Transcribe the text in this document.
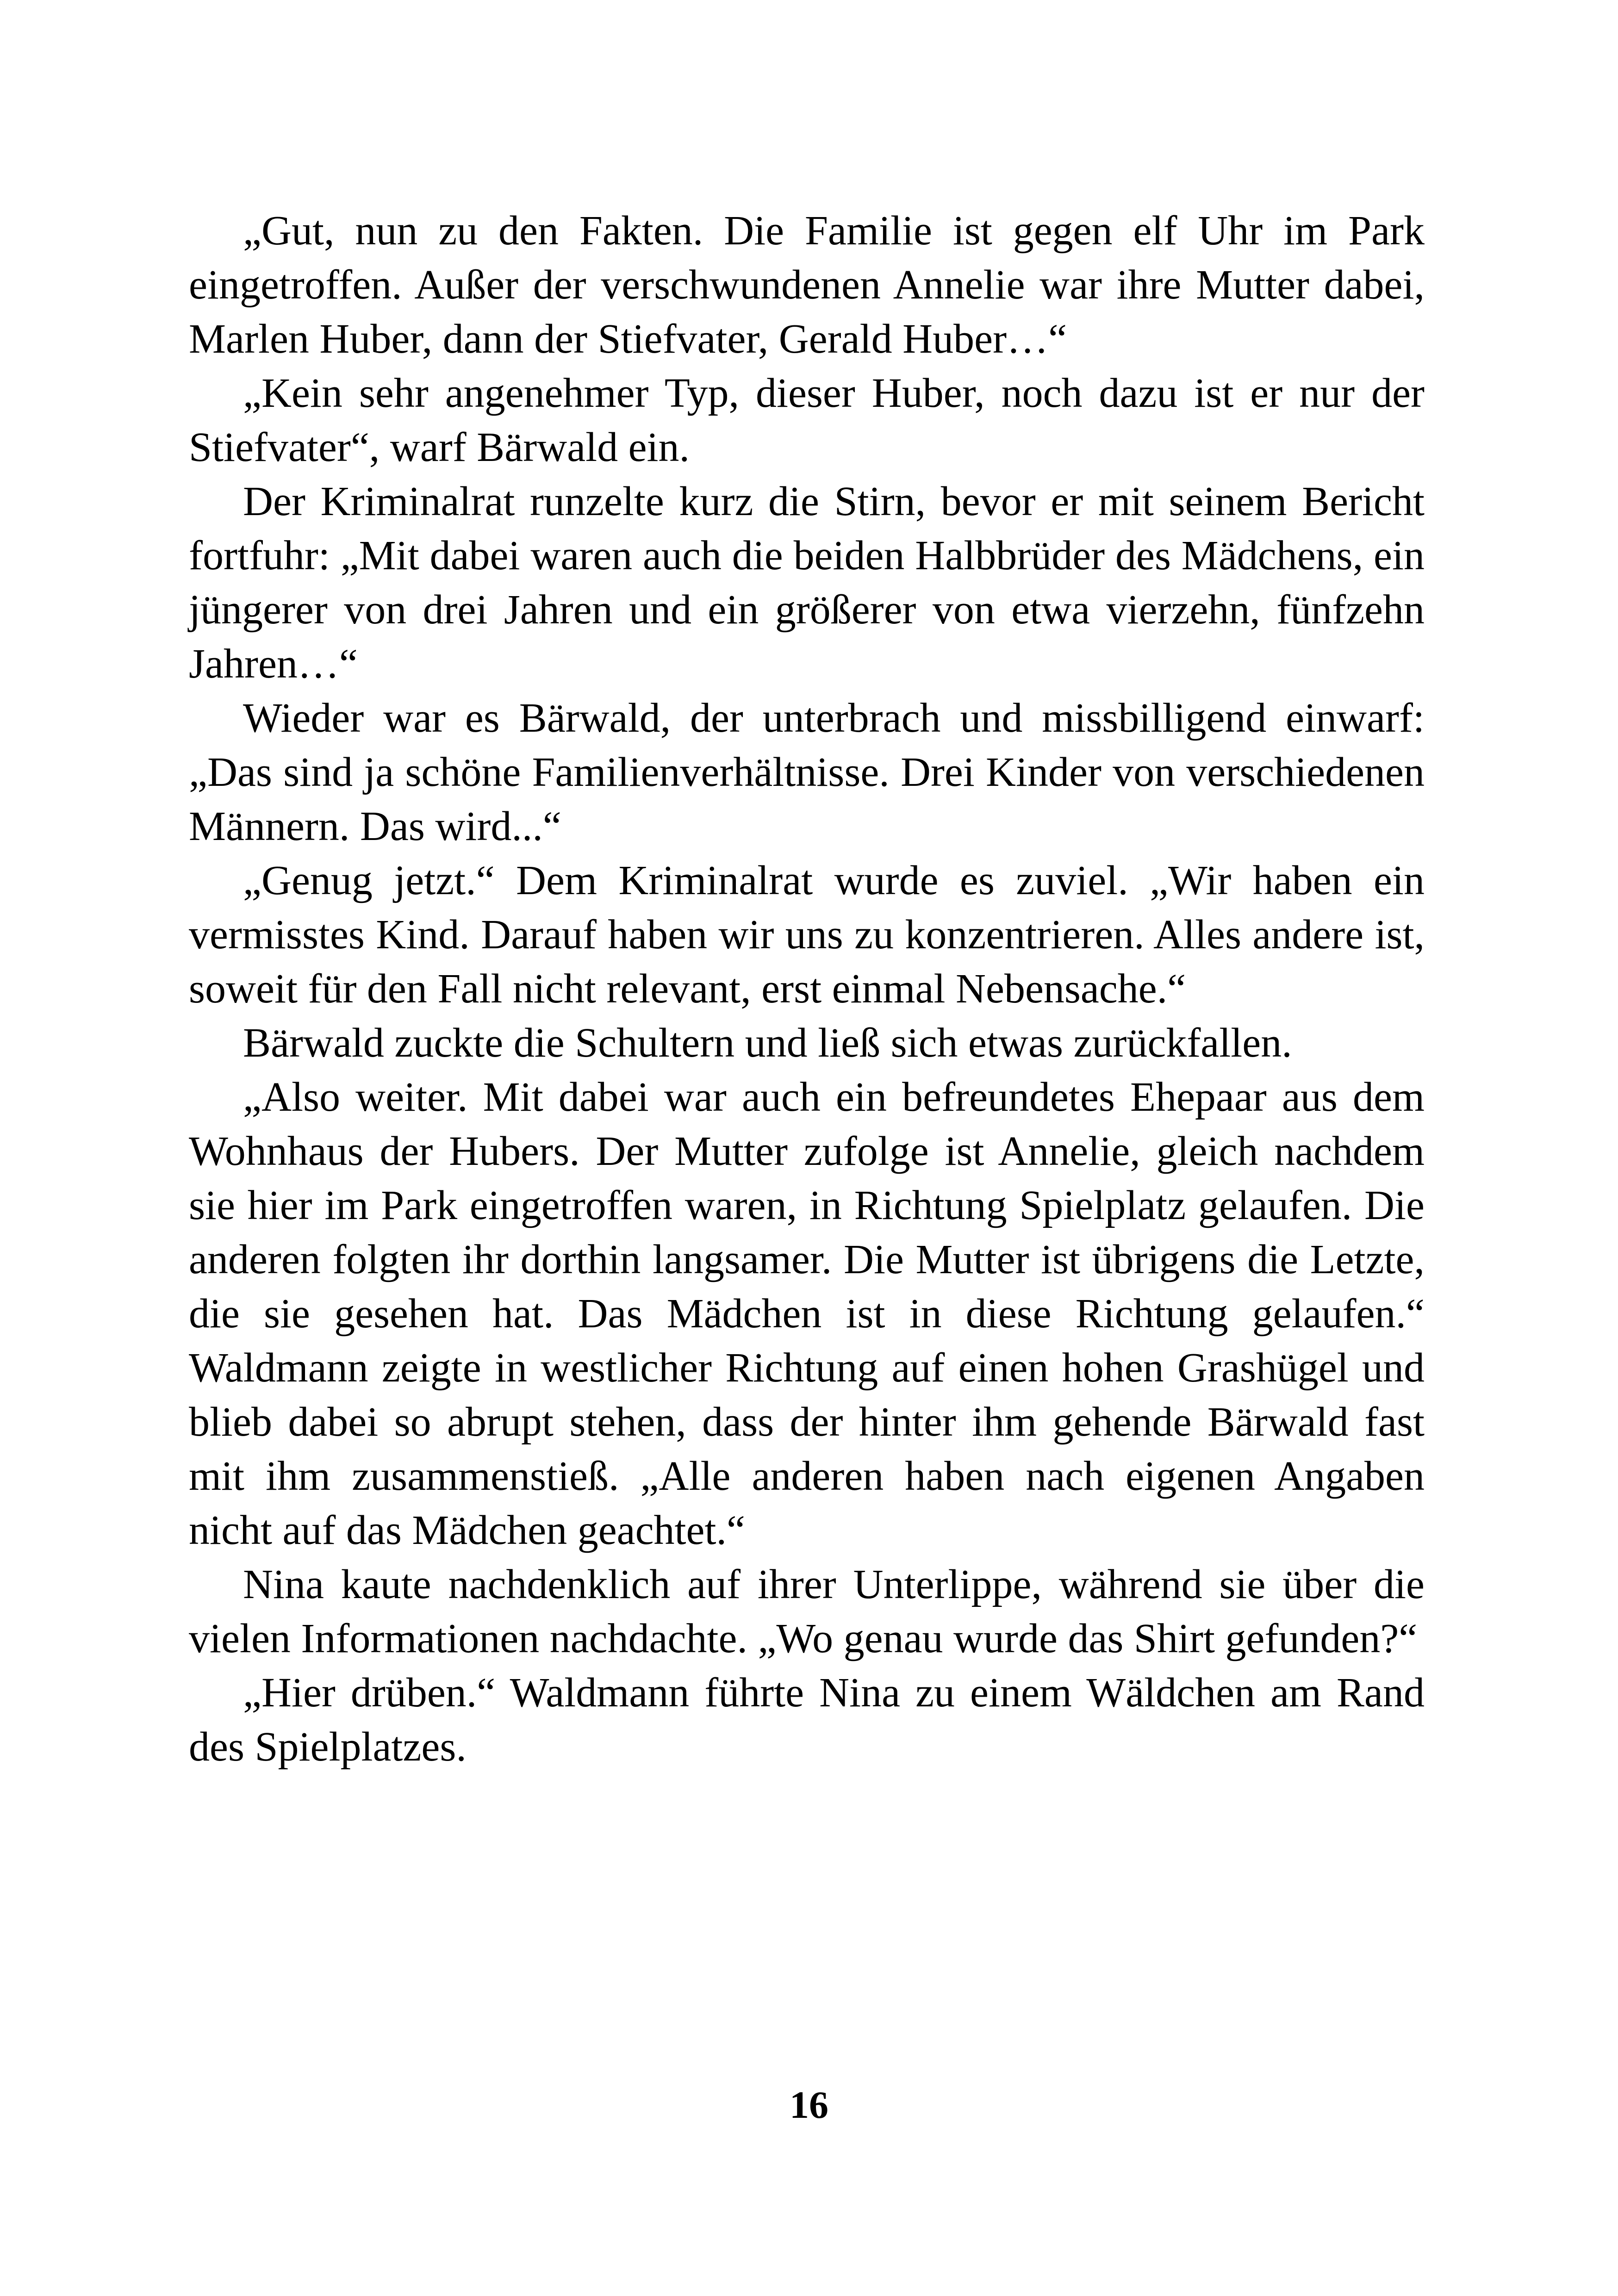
„Gut, nun zu den Fakten. Die Familie ist gegen elf Uhr im Park eingetroffen. Außer der verschwundenen Annelie war ihre Mutter dabei, Marlen Huber, dann der Stiefvater, Gerald Huber…“

„Kein sehr angenehmer Typ, dieser Huber, noch dazu ist er nur der Stiefvater“, warf Bärwald ein.

Der Kriminalrat runzelte kurz die Stirn, bevor er mit seinem Bericht fortfuhr: „Mit dabei waren auch die beiden Halbbrüder des Mädchens, ein jüngerer von drei Jahren und ein größerer von etwa vierzehn, fünfzehn Jahren…“

Wieder war es Bärwald, der unterbrach und missbilligend einwarf: „Das sind ja schöne Familienverhältnisse. Drei Kinder von verschiedenen Männern. Das wird...“

„Genug jetzt.“ Dem Kriminalrat wurde es zuviel. „Wir haben ein vermisstes Kind. Darauf haben wir uns zu konzentrieren. Alles andere ist, soweit für den Fall nicht relevant, erst einmal Nebensache.“

Bärwald zuckte die Schultern und ließ sich etwas zurückfallen.

„Also weiter. Mit dabei war auch ein befreundetes Ehepaar aus dem Wohnhaus der Hubers. Der Mutter zufolge ist Annelie, gleich nachdem sie hier im Park eingetroffen waren, in Richtung Spielplatz gelaufen. Die anderen folgten ihr dorthin langsamer. Die Mutter ist übrigens die Letzte, die sie gesehen hat. Das Mädchen ist in diese Richtung gelaufen.“ Waldmann zeigte in westlicher Richtung auf einen hohen Grashügel und blieb dabei so abrupt stehen, dass der hinter ihm gehende Bärwald fast mit ihm zusammenstieß. „Alle anderen haben nach eigenen Angaben nicht auf das Mädchen geachtet.“

Nina kaute nachdenklich auf ihrer Unterlippe, während sie über die vielen Informationen nachdachte. „Wo genau wurde das Shirt gefunden?“

„Hier drüben.“ Waldmann führte Nina zu einem Wäldchen am Rand des Spielplatzes.

16
